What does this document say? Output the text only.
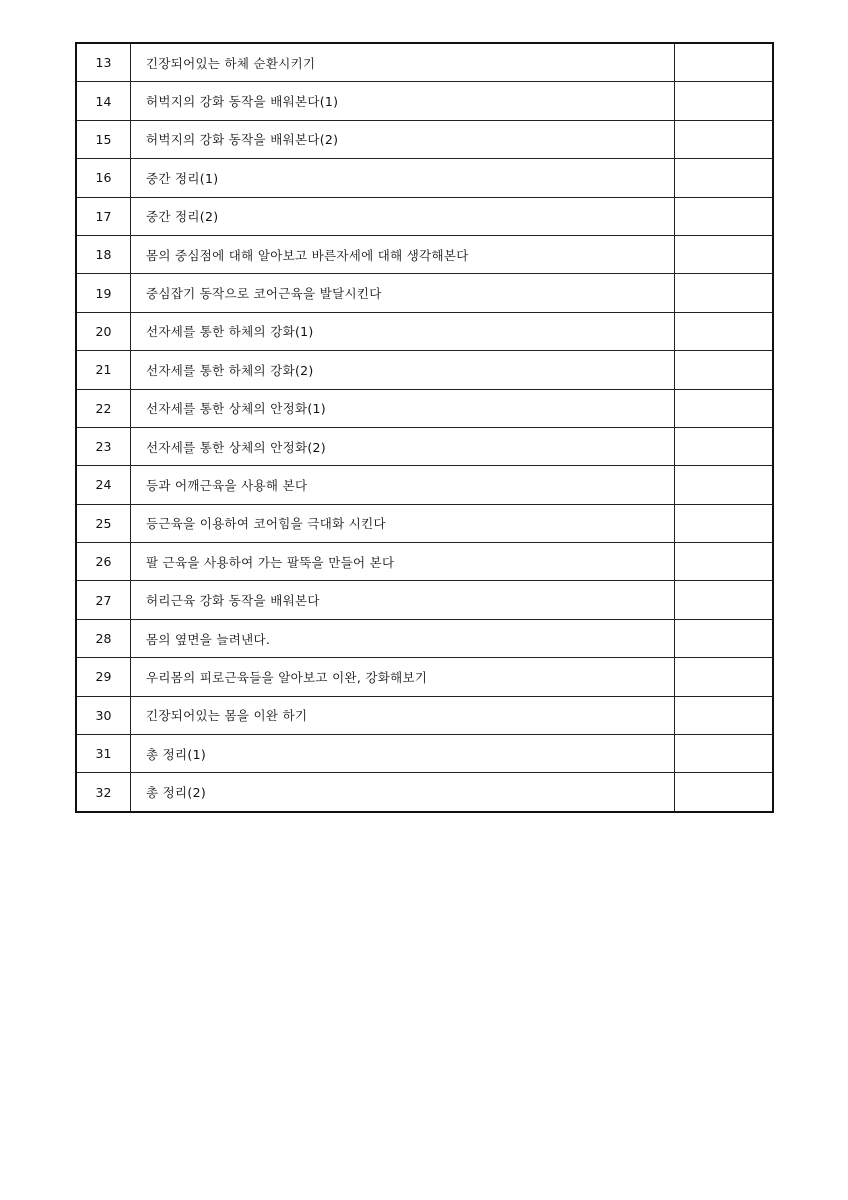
13	긴장되어있는 하체 순환시키기	
14	허벅지의 강화 동작을 배워본다(1)	
15	허벅지의 강화 동작을 배워본다(2)	
16	중간 정리(1)	
17	중간 정리(2)	
18	몸의 중심점에 대해 알아보고 바른자세에 대해 생각해본다	
19	중심잡기 동작으로 코어근육을 발달시킨다	
20	선자세를 통한 하체의 강화(1)	
21	선자세를 통한 하체의 강화(2)	
22	선자세를 통한 상체의 안정화(1)	
23	선자세를 통한 상체의 안정화(2)	
24	등과 어깨근육을 사용해 본다	
25	등근육을 이용하여 코어힘을 극대화 시킨다	
26	팔 근육을 사용하여 가는 팔뚝을 만들어 본다	
27	허리근육 강화 동작을 배워본다	
28	몸의 옆면을 늘려낸다.	
29	우리몸의 피로근육들을 알아보고 이완, 강화해보기	
30	긴장되어있는 몸을 이완 하기	
31	총 정리(1)	
32	총 정리(2)	
